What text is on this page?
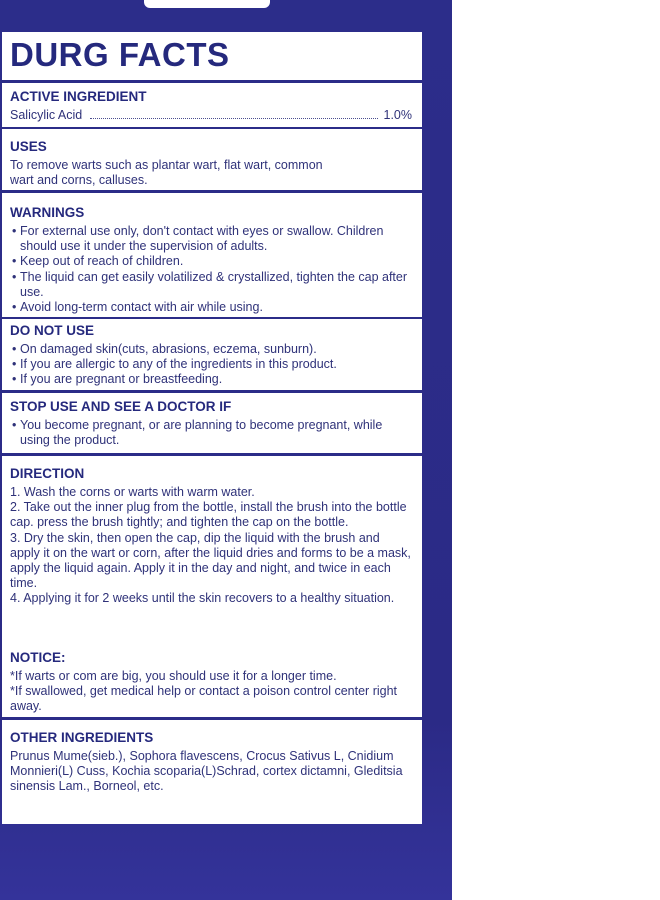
DURG FACTS
ACTIVE INGREDIENT
Salicylic Acid	1.0%
USES

To remove warts such as plantar wart, flat wart, common

wart and corns, calluses.

WARNINGS
• For external use only, don't contact with eyes or swallow. Children should use it under the supervision of adults.
• Keep out of reach of children.
• The liquid can get easily volatilized & crystallized, tighten the cap after use.
• Avoid long-term contact with air while using.
DO NOT USE
• On damaged skin(cuts, abrasions, eczema, sunburn).
• If you are allergic to any of the ingredients in this product.
• If you are pregnant or breastfeeding.
STOP USE AND SEE A DOCTOR IF
• You become pregnant, or are planning to become pregnant, while using the product.
DIRECTION

1. Wash the corns or warts with warm water.

2. Take out the inner plug from the bottle, install the brush into the bottle cap. press the brush tightly; and tighten the cap on the bottle.

3. Dry the skin, then open the cap, dip the liquid with the brush and apply it on the wart or corn, after the liquid dries and forms to be a mask, apply the liquid again. Apply it in the day and night, and twice in each time.

4. Applying it for 2 weeks until the skin recovers to a healthy situation.

NOTICE:

*If warts or com are big, you should use it for a longer time.

*If swallowed, get medical help or contact a poison control center right away.

OTHER INGREDIENTS
Prunus Mume(sieb.), Sophora flavescens, Crocus Sativus L, Cnidium Monnieri(L) Cuss, Kochia scoparia(L)Schrad, cortex dictamni, Gleditsia sinensis Lam., Borneol, etc.
